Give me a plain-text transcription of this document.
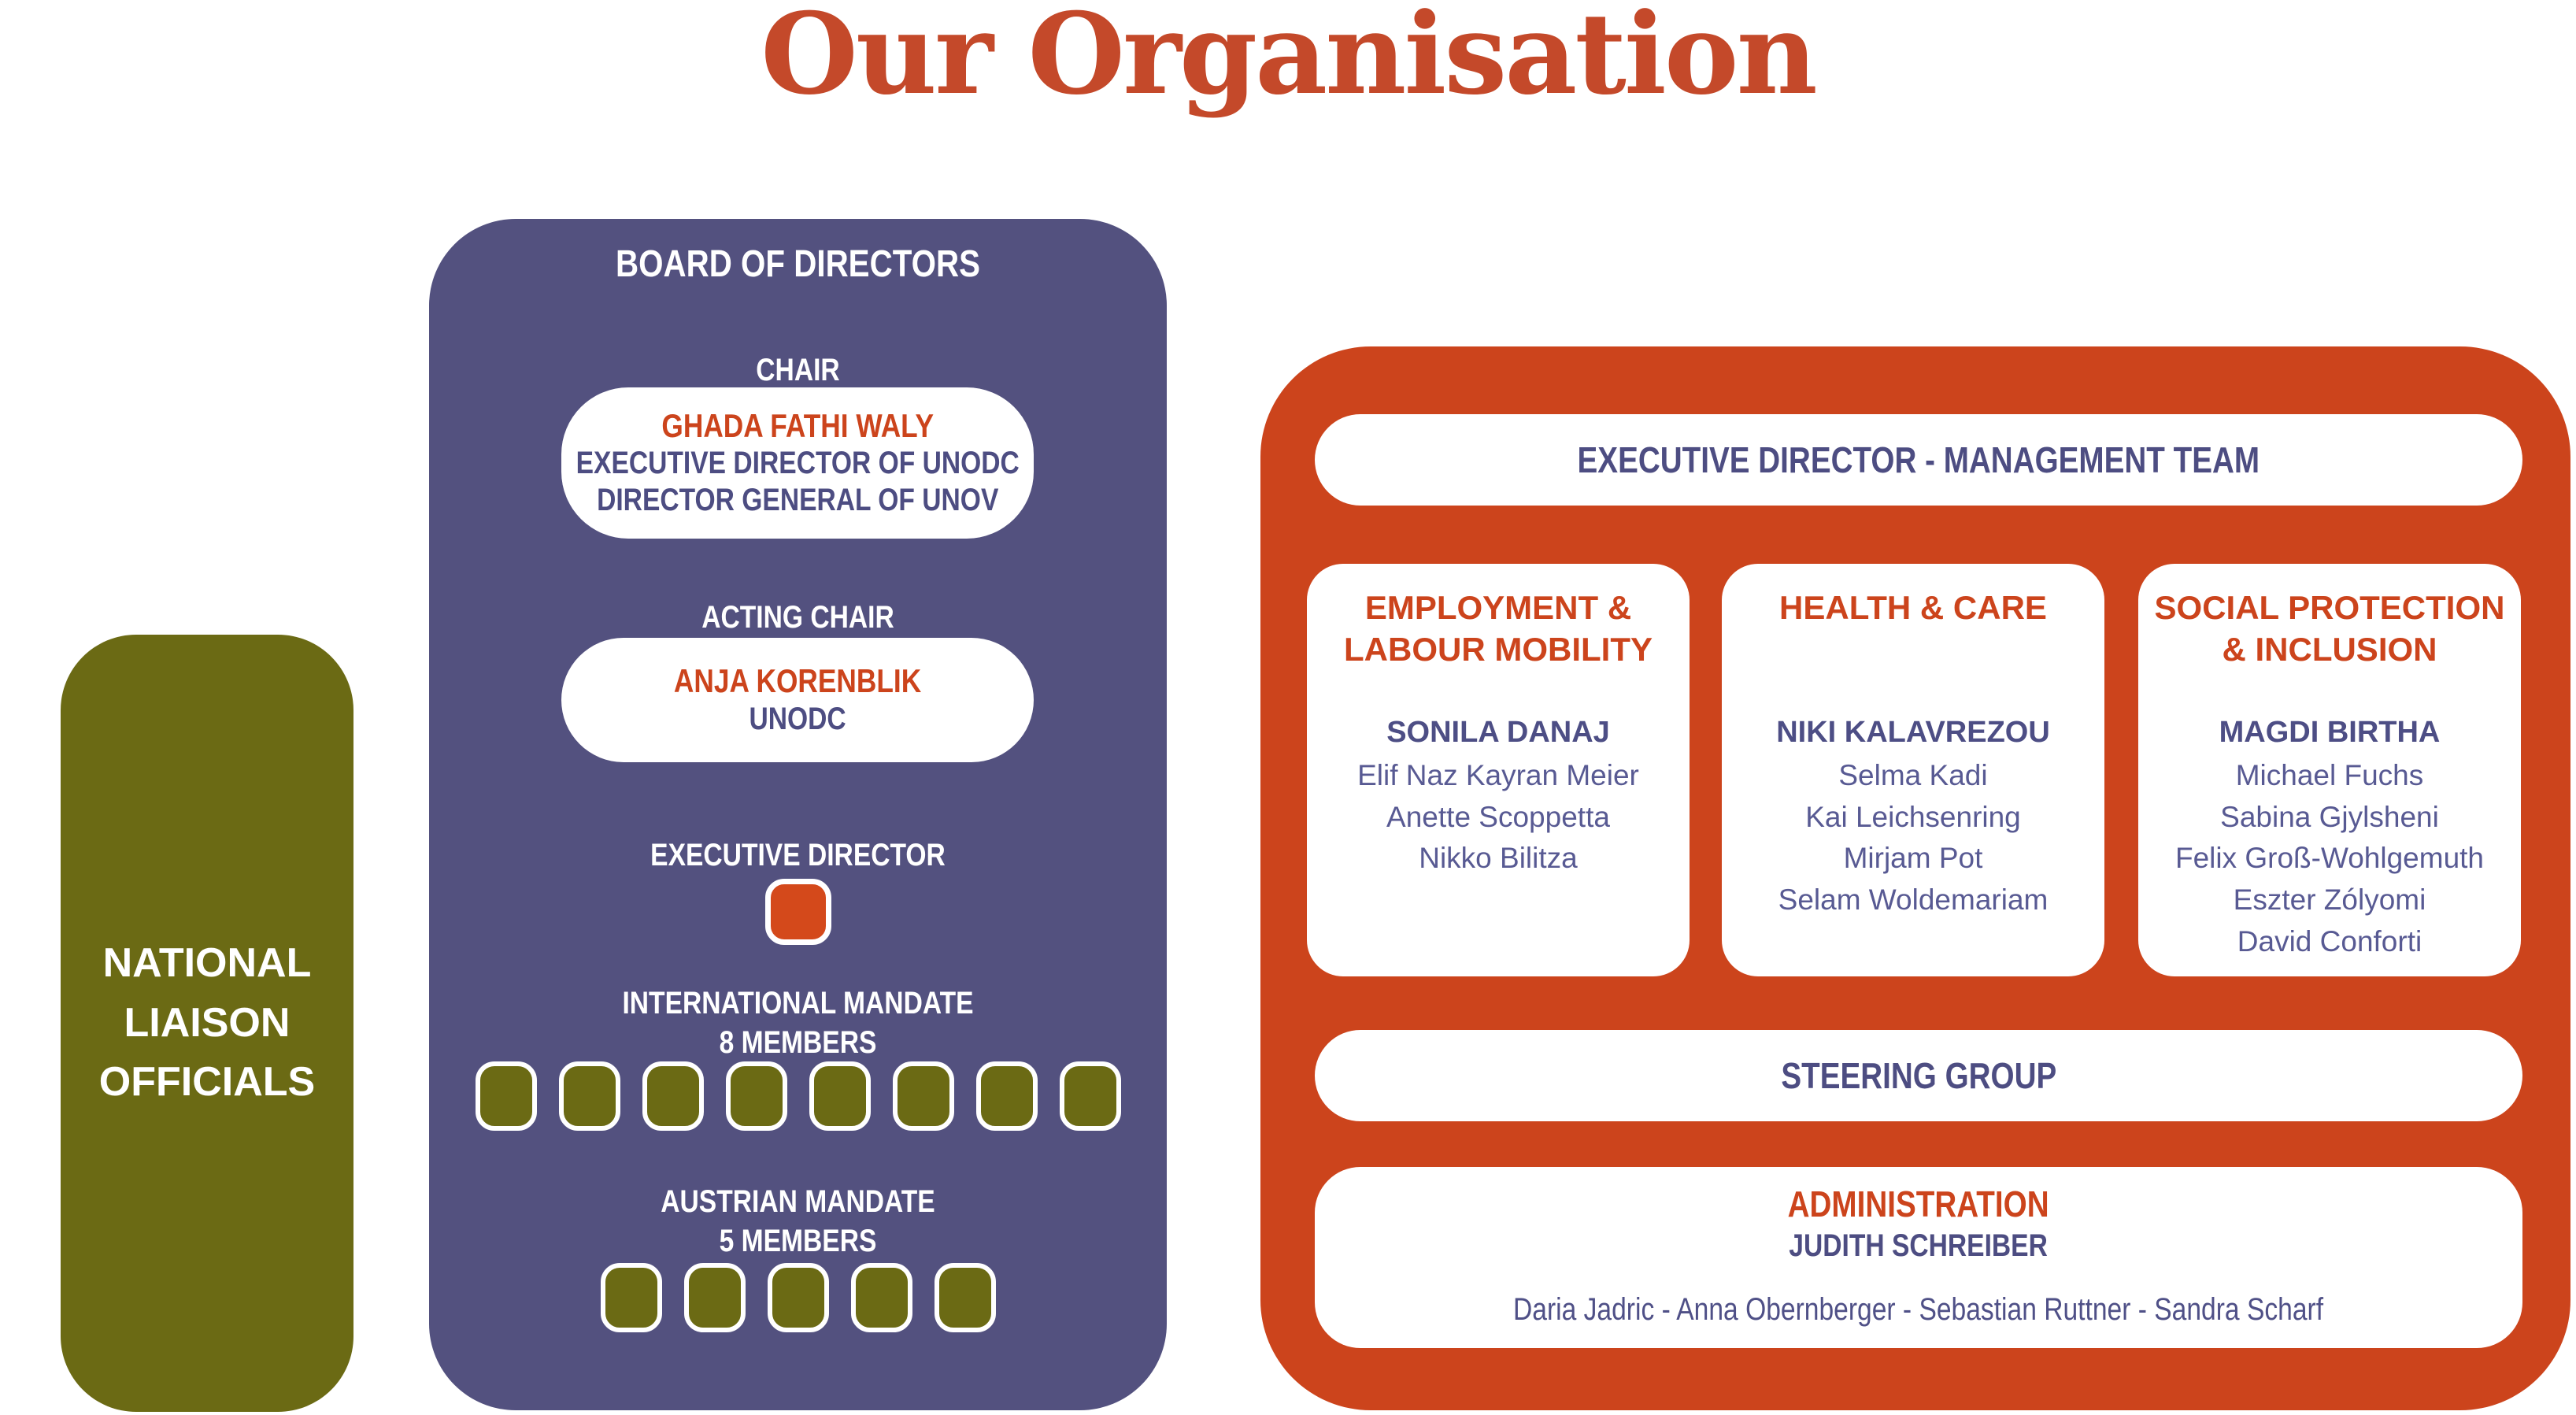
Our Organisation
NATIONAL
LIAISON
OFFICIALS
BOARD OF DIRECTORS
CHAIR
GHADA FATHI WALY
EXECUTIVE DIRECTOR OF UNODC
DIRECTOR GENERAL OF UNOV
ACTING CHAIR
ANJA KORENBLIK
UNODC
EXECUTIVE DIRECTOR
INTERNATIONAL MANDATE
8 MEMBERS
AUSTRIAN MANDATE
5 MEMBERS
EXECUTIVE DIRECTOR - MANAGEMENT TEAM
EMPLOYMENT &
LABOUR MOBILITY
SONILA DANAJ
Elif Naz Kayran Meier
Anette Scoppetta
Nikko Bilitza
HEALTH & CARE
NIKI KALAVREZOU
Selma Kadi
Kai Leichsenring
Mirjam Pot
Selam Woldemariam
SOCIAL PROTECTION
& INCLUSION
MAGDI BIRTHA
Michael Fuchs
Sabina Gjylsheni
Felix Groß-Wohlgemuth
Eszter Zólyomi
David Conforti
STEERING GROUP
ADMINISTRATION
JUDITH SCHREIBER
Daria Jadric - Anna Obernberger - Sebastian Ruttner - Sandra Scharf
